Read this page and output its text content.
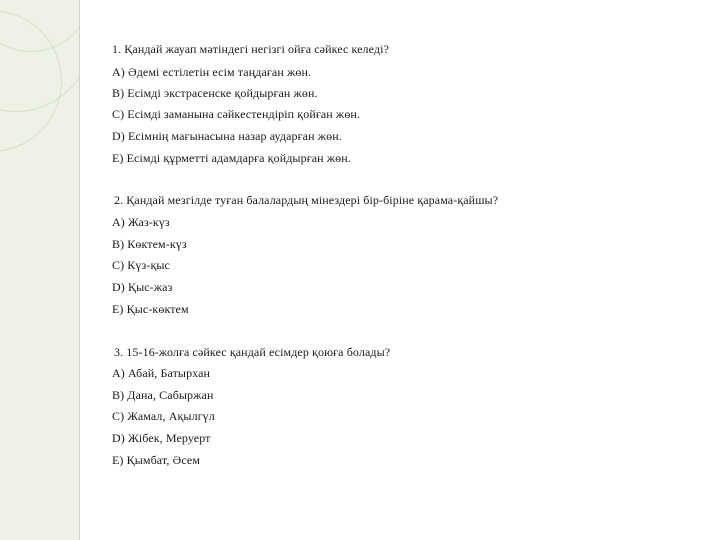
1. Қандай жауап мәтіндегі негізгі ойға сәйкес келеді?
А) Әдемі естілетін есім таңдаған жөн.
В) Есімді экстрасенске қойдырған жөн.
С) Есімді заманына сәйкестендіріп қойған жөн.
D) Есімнің мағынасына назар аударған жөн.
Е) Есімді құрметті адамдарға қойдырған жөн.
2. Қандай мезгілде туған балалардың мінездері бір-біріне қарама-қайшы?
А) Жаз-күз
В) Көктем-күз
С) Күз-қыс
D) Қыс-жаз
Е) Қыс-көктем
3. 15-16-жолға сәйкес қандай есімдер қоюға болады?
А) Абай, Батырхан
В) Дана, Сабыржан
С) Жамал, Ақылгүл
D) Жібек, Меруерт
Е) Қымбат, Әсем
